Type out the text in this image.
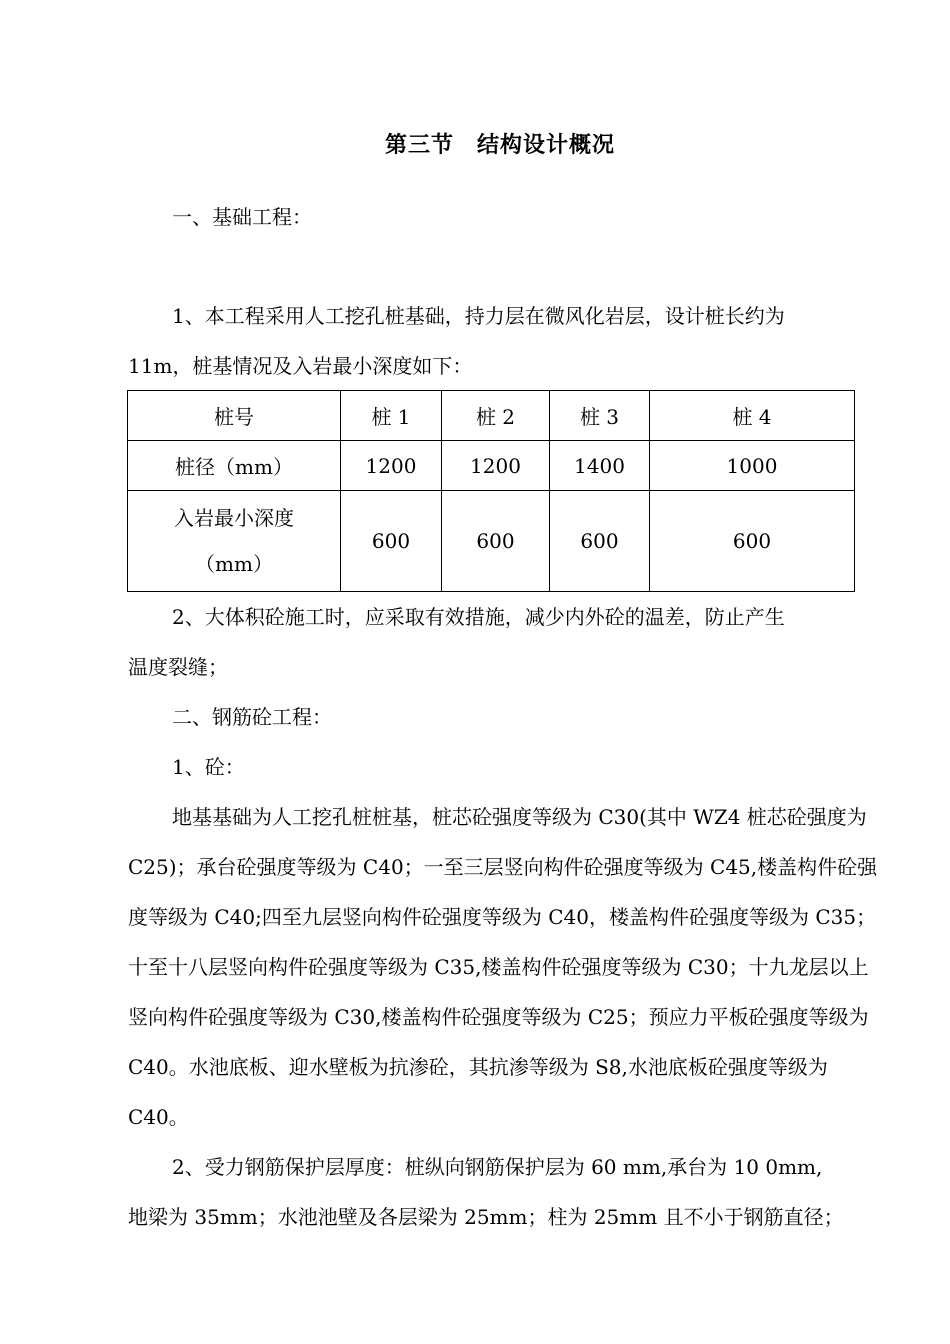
第三节　结构设计概况
一、基础工程：
1、本工程采用人工挖孔桩基础，持力层在微风化岩层，设计桩长约为
11m，桩基情况及入岩最小深度如下：
桩号	桩 1	桩 2	桩 3	桩 4
桩径（mm）	1200	1200	1400	1000

入岩最小深度
（mm）	600	600	600	600
2、大体积砼施工时，应采取有效措施，减少内外砼的温差，防止产生
温度裂缝；
二、钢筋砼工程：
1、砼：
地基基础为人工挖孔桩桩基，桩芯砼强度等级为 C30(其中 WZ4 桩芯砼强度为
C25)；承台砼强度等级为 C40；一至三层竖向构件砼强度等级为 C45,楼盖构件砼强
度等级为 C40;四至九层竖向构件砼强度等级为 C40，楼盖构件砼强度等级为 C35；
十至十八层竖向构件砼强度等级为 C35,楼盖构件砼强度等级为 C30；十九龙层以上
竖向构件砼强度等级为 C30,楼盖构件砼强度等级为 C25；预应力平板砼强度等级为
C40。水池底板、迎水壁板为抗渗砼，其抗渗等级为 S8,水池底板砼强度等级为
C40。
2、受力钢筋保护层厚度：桩纵向钢筋保护层为 60 mm,承台为 10 0mm,
地梁为 35mm；水池池壁及各层梁为 25mm；柱为 25mm 且不小于钢筋直径；
